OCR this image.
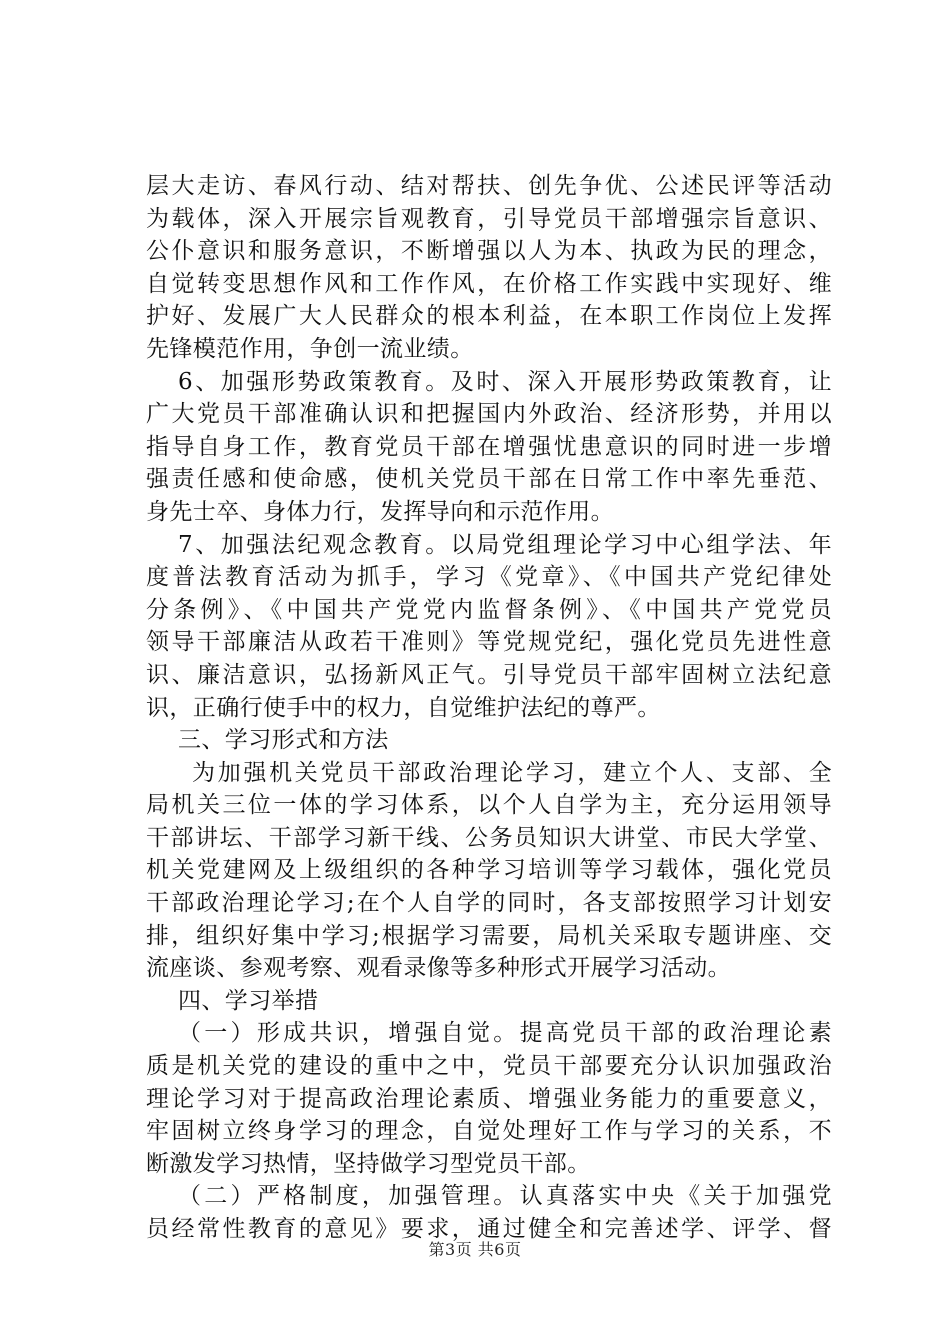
层大走访、春风行动、结对帮扶、创先争优、公述民评等活动
为载体，深入开展宗旨观教育，引导党员干部增强宗旨意识、
公仆意识和服务意识，不断增强以人为本、执政为民的理念，
自觉转变思想作风和工作作风，在价格工作实践中实现好、维
护好、发展广大人民群众的根本利益，在本职工作岗位上发挥
先锋模范作用，争创一流业绩。
6、加强形势政策教育。及时、深入开展形势政策教育，让
广大党员干部准确认识和把握国内外政治、经济形势，并用以
指导自身工作，教育党员干部在增强忧患意识的同时进一步增
强责任感和使命感，使机关党员干部在日常工作中率先垂范、
身先士卒、身体力行，发挥导向和示范作用。
7、加强法纪观念教育。以局党组理论学习中心组学法、年
度普法教育活动为抓手，学习《党章》、《中国共产党纪律处
分条例》、《中国共产党党内监督条例》、《中国共产党党员
领导干部廉洁从政若干准则》等党规党纪，强化党员先进性意
识、廉洁意识，弘扬新风正气。引导党员干部牢固树立法纪意
识，正确行使手中的权力，自觉维护法纪的尊严。
三、学习形式和方法
为加强机关党员干部政治理论学习，建立个人、支部、全
局机关三位一体的学习体系，以个人自学为主，充分运用领导
干部讲坛、干部学习新干线、公务员知识大讲堂、市民大学堂、
机关党建网及上级组织的各种学习培训等学习载体，强化党员
干部政治理论学习;在个人自学的同时，各支部按照学习计划安
排，组织好集中学习;根据学习需要，局机关采取专题讲座、交
流座谈、参观考察、观看录像等多种形式开展学习活动。
四、学习举措
（一）形成共识，增强自觉。提高党员干部的政治理论素
质是机关党的建设的重中之中，党员干部要充分认识加强政治
理论学习对于提高政治理论素质、增强业务能力的重要意义，
牢固树立终身学习的理念，自觉处理好工作与学习的关系，不
断激发学习热情，坚持做学习型党员干部。
（二）严格制度，加强管理。认真落实中央《关于加强党
员经常性教育的意见》要求，通过健全和完善述学、评学、督
第3页 共6页
